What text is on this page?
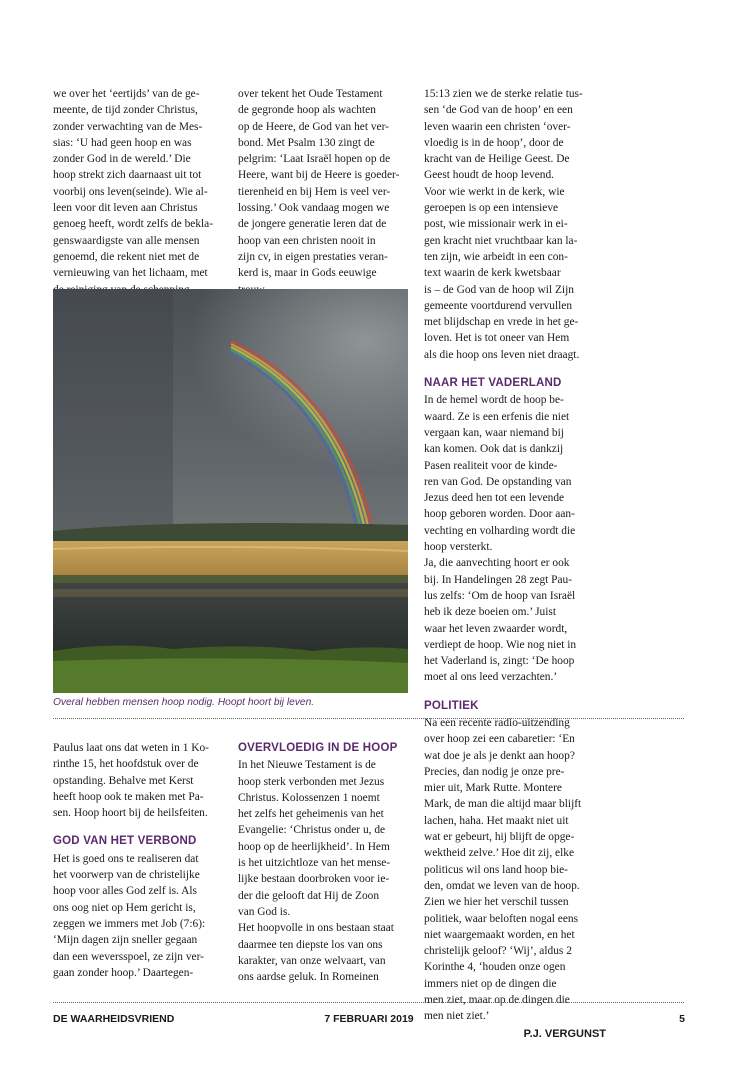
we over het ‘eertijds’ van de ge-
meente, de tijd zonder Christus,
zonder verwachting van de Mes-
sias: ‘U had geen hoop en was
zonder God in de wereld.’ Die
hoop strekt zich daarnaast uit tot
voorbij ons leven(seinde). Wie al-
leen voor dit leven aan Christus
genoeg heeft, wordt zelfs de bekla-
genswaardigste van alle mensen
genoemd, die rekent niet met de
vernieuwing van het lichaam, met

over tekent het Oude Testament
de gegronde hoop als wachten
op de Heere, de God van het ver-
bond. Met Psalm 130 zingt de
pelgrim: ‘Laat Israël hopen op de
Heere, want bij de Heere is goeder-
tierenheid en bij Hem is veel ver-
lossing.’ Ook vandaag mogen we
de jongere generatie leren dat de
hoop van een christen nooit in
zijn cv, in eigen prestaties veran-
kerd is, maar in Gods eeuwige

15:13 zien we de sterke relatie tus-
sen ‘de God van de hoop’ en een
leven waarin een christen ‘over-
vloedig is in de hoop’, door de
kracht van de Heilige Geest. De
Geest houdt de hoop levend.
Voor wie werkt in de kerk, wie
geroepen is op een intensieve
post, wie missionair werk in ei-
gen kracht niet vruchtbaar kan la-
ten zijn, wie arbeidt in een con-
text waarin de kerk kwetsbaar
is – de God van de hoop wil Zijn
gemeente voortdurend vervullen
met blijdschap en vrede in het ge-
loven. Het is tot oneer van Hem
als die hoop ons leven niet draagt.

NAAR HET VADERLAND

In de hemel wordt de hoop be-
waard. Ze is een erfenis die niet
vergaan kan, waar niemand bij
kan komen. Ook dat is dankzij
Pasen realiteit voor de kinde-
ren van God. De opstanding van
Jezus deed hen tot een levende
hoop geboren worden. Door aan-
vechting en volharding wordt die
hoop versterkt.
Ja, die aanvechting hoort er ook
bij. In Handelingen 28 zegt Pau-
lus zelfs: ‘Om de hoop van Israël
heb ik deze boeien om.’ Juist
waar het leven zwaarder wordt,
verdiept de hoop. Wie nog niet in
het Vaderland is, zingt: ‘De hoop
moet al ons leed verzachten.’

POLITIEK

Na een recente radio-uitzending
over hoop zei een cabaretier: ‘En
wat doe je als je denkt aan hoop?
Precies, dan nodig je onze pre-
mier uit, Mark Rutte. Montere
Mark, de man die altijd maar blijft
lachen, haha. Het maakt niet uit
wat er gebeurt, hij blijft de opge-
wektheid zelve.’ Hoe dit zij, elke
politicus wil ons land hoop bie-
den, omdat we leven van de hoop.
Zien we hier het verschil tussen
politiek, waar beloften nogal eens
niet waargemaakt worden, en het
christelijk geloof? ‘Wij’, aldus 2
Korinthe 4, ‘houden onze ogen
immers niet op de dingen die
men ziet, maar op de dingen die
men niet ziet.’

P.J. VERGUNST
Overal hebben mensen hoop nodig. Hoopt hoort bij leven.

Paulus laat ons dat weten in 1 Ko-
rinthe 15, het hoofdstuk over de
opstanding. Behalve met Kerst
heeft hoop ook te maken met Pa-
sen. Hoop hoort bij de heilsfeiten.

GOD VAN HET VERBOND

Het is goed ons te realiseren dat
het voorwerp van de christelijke
hoop voor alles God zelf is. Als
ons oog niet op Hem gericht is,
zeggen we immers met Job (7:6):
‘Mijn dagen zijn sneller gegaan
dan een weversspoel, ze zijn ver-
gaan zonder hoop.’ Daartegen-

OVERVLOEDIG IN DE HOOP

In het Nieuwe Testament is de
hoop sterk verbonden met Jezus
Christus. Kolossenzen 1 noemt
het zelfs het geheimenis van het
Evangelie: ‘Christus onder u, de
hoop op de heerlijkheid’. In Hem
is het uitzichtloze van het mense-
lijke bestaan doorbroken voor ie-
der die gelooft dat Hij de Zoon
van God is.
Het hoopvolle in ons bestaan staat
daarmee ten diepste los van ons
karakter, van onze welvaart, van
ons aardse geluk. In Romeinen

DE WAARHEIDSVRIEND	7 FEBRUARI 2019	5
